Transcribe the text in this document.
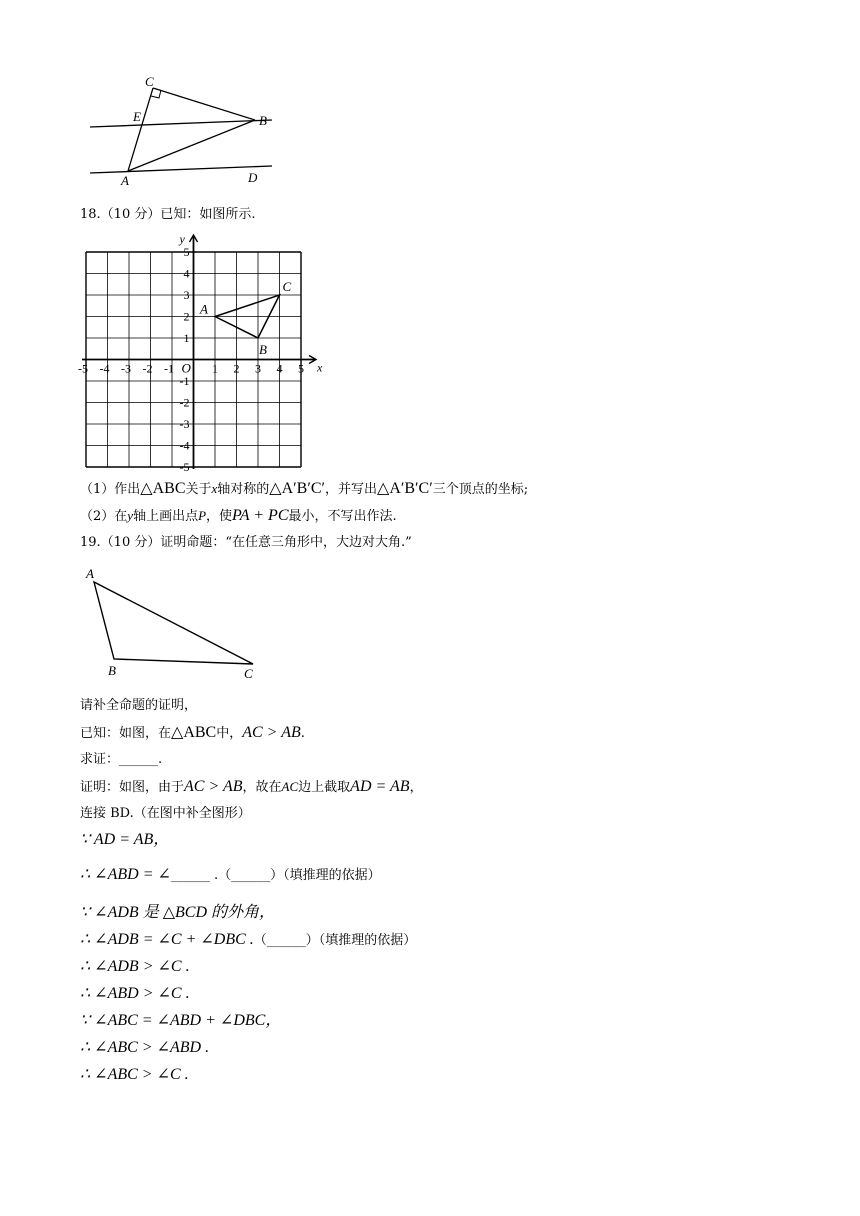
C
E	B
A	D
18.（10 分）已知：如图所示.
x
y
O
-5 -4 -3 -2 -1	1 2 3 4 5
5
4
3
2
1
-1
-2
-3
-4
-5
A
B
C
（1）作出△ABC关于x轴对称的△A′B′C′，并写出△A′B′C′三个顶点的坐标;
（2）在y轴上画出点P，使PA + PC最小，不写出作法.
19.（10 分）证明命题：“在任意三角形中，大边对大角.”
A
B	C
请补全命题的证明，
已知：如图，在△ABC中，AC > AB.
求证：______.
证明：如图，由于AC > AB，故在AC边上截取AD = AB，
连接 BD.（在图中补全图形）
∵ AD = AB，
∴ ∠ABD = ∠______ .（______）（填推理的依据）
∵ ∠ADB 是 △BCD 的外角，
∴ ∠ADB = ∠C + ∠DBC .（______）（填推理的依据）
∴ ∠ADB > ∠C .
∴ ∠ABD > ∠C .
∵ ∠ABC = ∠ABD + ∠DBC，
∴ ∠ABC > ∠ABD .
∴ ∠ABC > ∠C .
